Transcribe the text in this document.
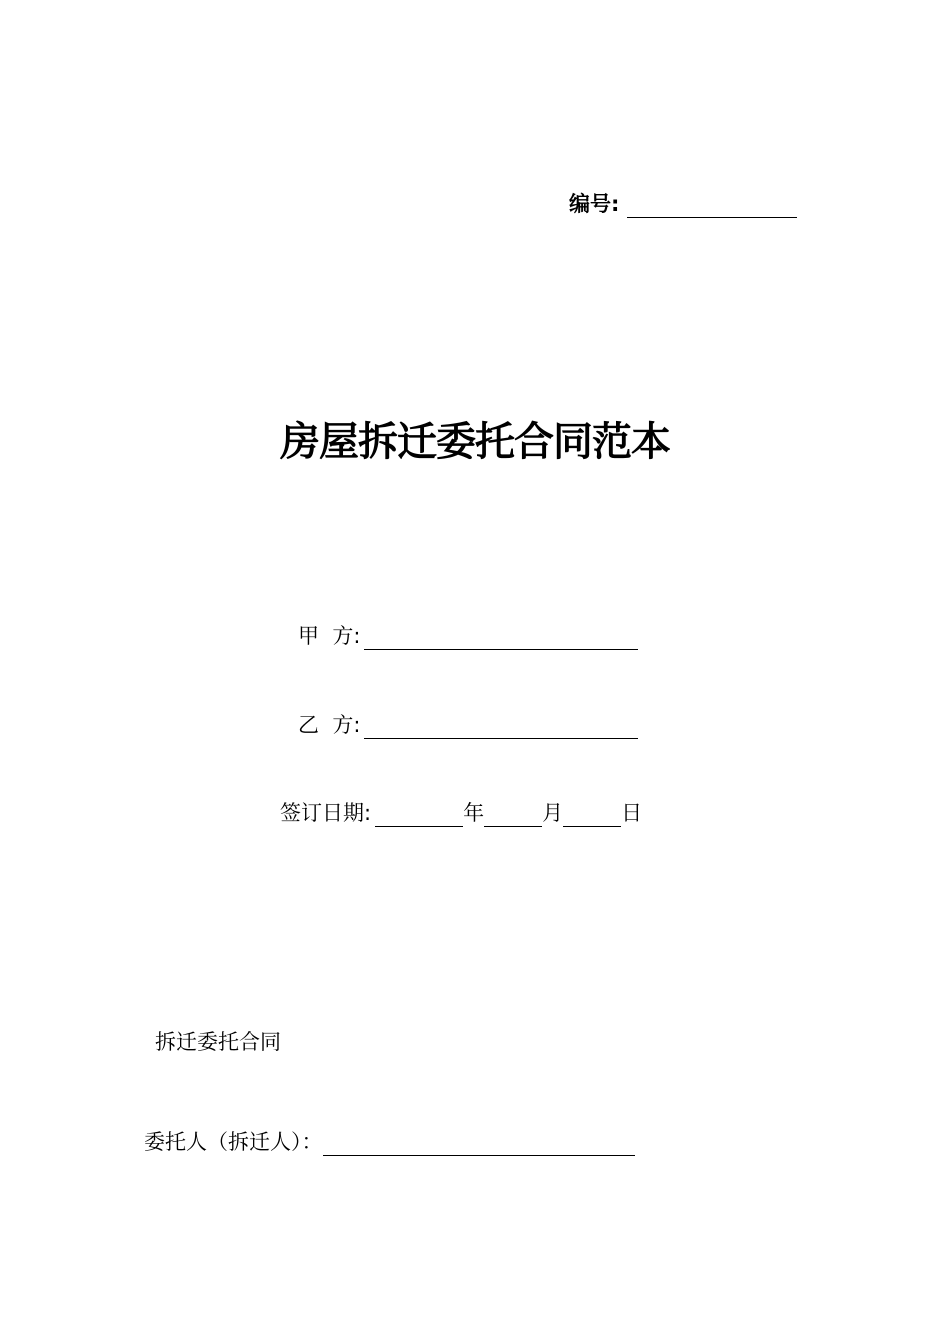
编号:
房屋拆迁委托合同范本
甲  方:
乙  方:
签订日期:	年	月	日
拆迁委托合同
委托人（拆迁人）：
